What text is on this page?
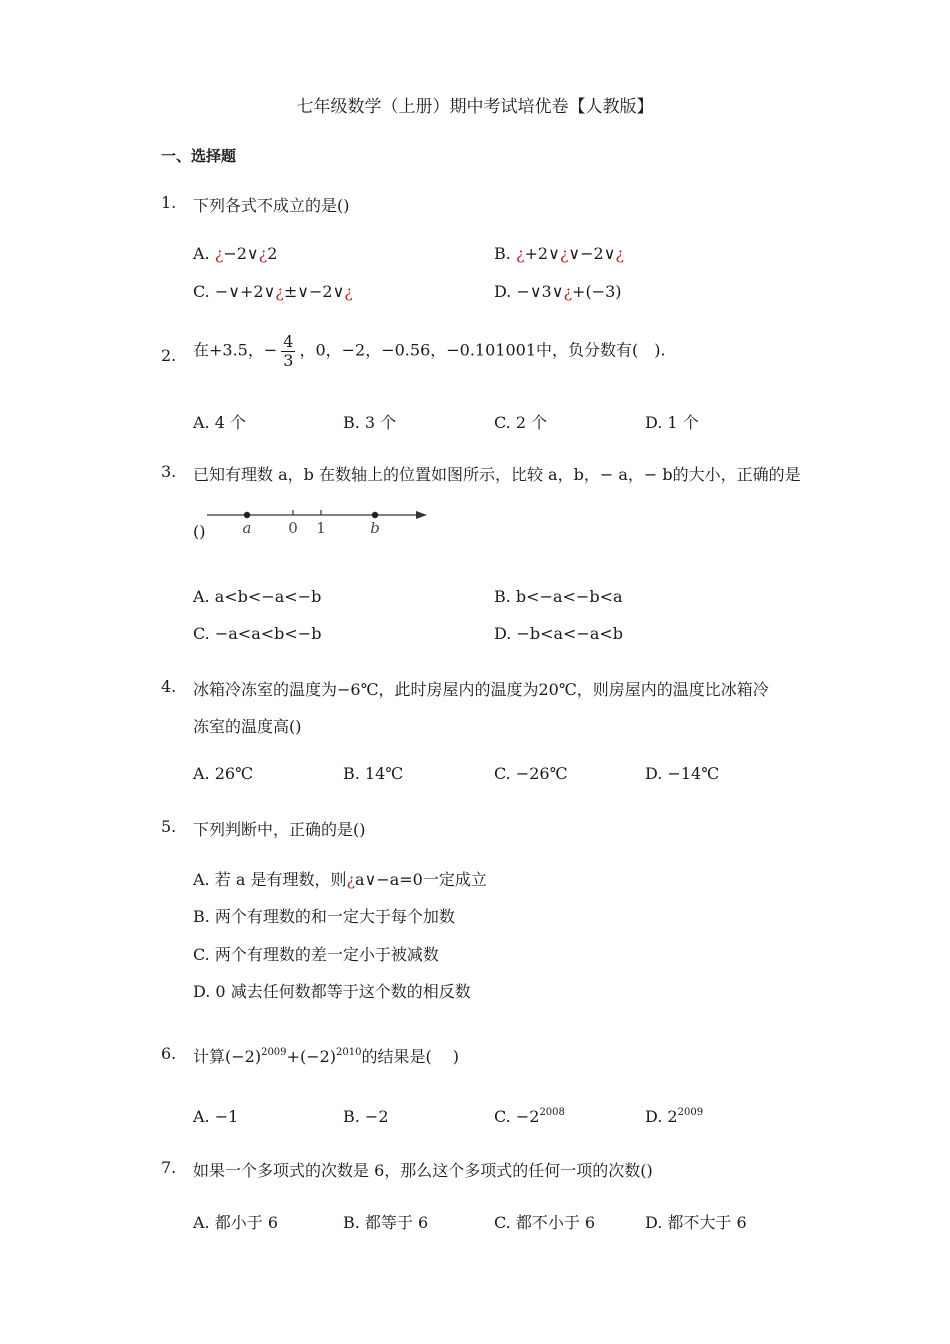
七年级数学（上册）期中考试培优卷【人教版】
一、选择题
1. 下列各式不成立的是()
A. ¿−2∨¿2	B. ¿+2∨¿∨−2∨¿
C. −∨+2∨¿±∨−2∨¿	D. −∨3∨¿+(−3)
2. 在+3.5，− $\frac{4}{3}$ ，0，−2，−0.56，−0.101001中，负分数有(　).
A. 4 个	B. 3 个	C. 2 个	D. 1 个
3. 已知有理数 a，b 在数轴上的位置如图所示，比较 a，b，− a，− b的大小，正确的是
() a 0 1	b
A. a<b<−a<−b	B. b<−a<−b<a
C. −a<a<b<−b	D. −b<a<−a<b
4. 冰箱冷冻室的温度为−6℃，此时房屋内的温度为20℃，则房屋内的温度比冰箱冷
冻室的温度高()
A. 26℃	B. 14℃	C. −26℃	D. −14℃
5. 下列判断中，正确的是()
A. 若 a 是有理数，则¿a∨−a=0一定成立
B. 两个有理数的和一定大于每个加数
C. 两个有理数的差一定小于被减数
D. 0 减去任何数都等于这个数的相反数
6. 计算$(-2)^{2009}+(-2)^{2010}$的结果是(　 )
A. −1	B. −2	C. $-2^{2008}$	D. $2^{2009}$
7. 如果一个多项式的次数是 6，那么这个多项式的任何一项的次数()
A. 都小于 6	B. 都等于 6	C. 都不小于 6	D. 都不大于 6
